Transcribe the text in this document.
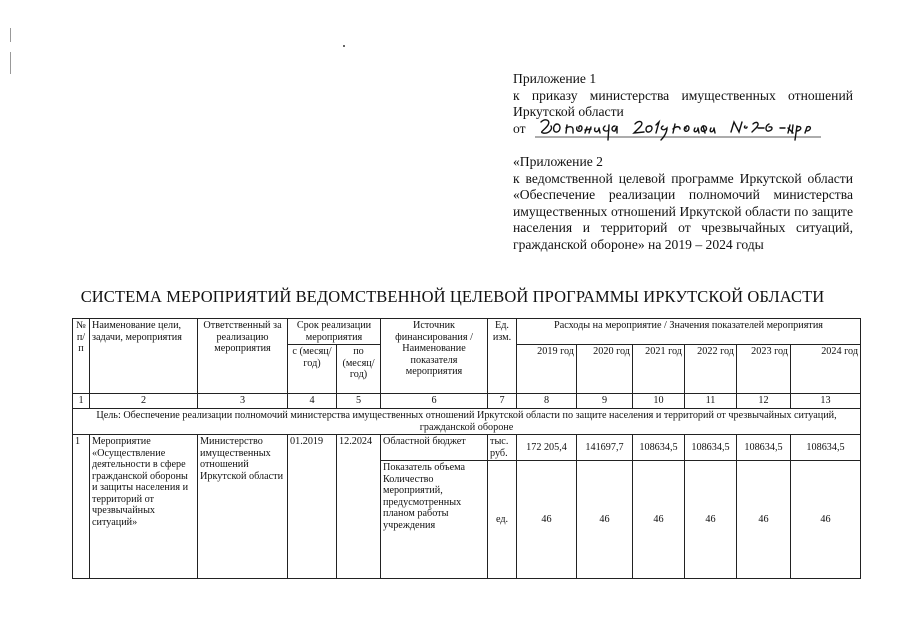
Приложение 1
к приказу министерства имущественных отношений Иркутской области
от
«Приложение 2
к ведомственной целевой программе Иркутской области «Обеспечение реализации полномочий министерства имущественных отношений Иркутской области по защите населения и территорий от чрезвычайных ситуаций, гражданской обороне» на 2019 – 2024 годы
СИСТЕМА МЕРОПРИЯТИЙ ВЕДОМСТВЕННОЙ ЦЕЛЕВОЙ ПРОГРАММЫ ИРКУТСКОЙ ОБЛАСТИ
№ п/п	Наименование цели, задачи, мероприятия	Ответственный за реализацию мероприятия	Срок реализации мероприятия		Источник финансирования / Наименование показателя мероприятия	Ед. изм.	Расходы на мероприятие / Значения показателей мероприятия					
			с (месяц/ год)	по (месяц/ год)			2019 год	2020 год	2021 год	2022 год	2023 год	2024 год
1	2	3	4	5	6	7	8	9	10	11	12	13
Цель: Обеспечение реализации полномочий министерства имущественных отношений Иркутской области по защите населения и территорий от чрезвычайных ситуаций, гражданской обороне												
1	Мероприятие «Осуществление деятельности в сфере гражданской обороны и защиты населения и территорий от чрезвычайных ситуаций»	Министерство имущественных отношений Иркутской области	01.2019	12.2024	Областной бюджет	тыс. руб.	172 205,4	141697,7	108634,5	108634,5	108634,5	108634,5
					Показатель объема Количество мероприятий, предусмотренных планом работы учреждения	ед.	46	46	46	46	46	46
